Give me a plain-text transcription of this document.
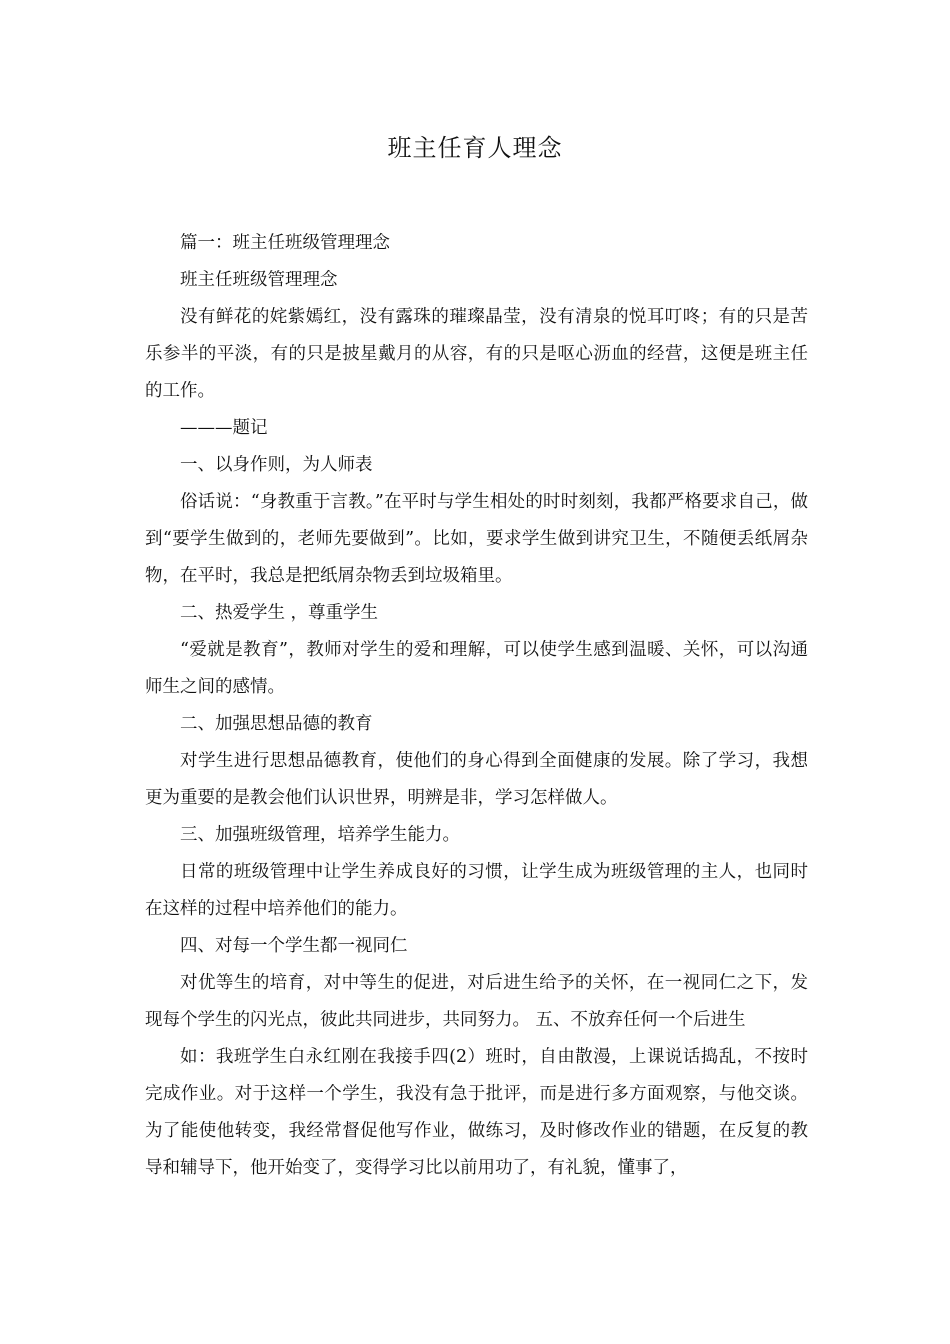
班主任育人理念

篇一：班主任班级管理理念

班主任班级管理理念

没有鲜花的姹紫嫣红，没有露珠的璀璨晶莹，没有清泉的悦耳叮咚；有的只是苦乐参半的平淡，有的只是披星戴月的从容，有的只是呕心沥血的经营，这便是班主任的工作。

———题记

一、以身作则，为人师表

俗话说：“身教重于言教。”在平时与学生相处的时时刻刻，我都严格要求自己，做到“要学生做到的，老师先要做到”。比如，要求学生做到讲究卫生，不随便丢纸屑杂物，在平时，我总是把纸屑杂物丢到垃圾箱里。

二、热爱学生 ，尊重学生

“爱就是教育”，教师对学生的爱和理解，可以使学生感到温暖、关怀，可以沟通师生之间的感情。

二、加强思想品德的教育

对学生进行思想品德教育，使他们的身心得到全面健康的发展。除了学习，我想更为重要的是教会他们认识世界，明辨是非，学习怎样做人。

三、加强班级管理，培养学生能力。

日常的班级管理中让学生养成良好的习惯，让学生成为班级管理的主人，也同时在这样的过程中培养他们的能力。

四、对每一个学生都一视同仁

对优等生的培育，对中等生的促进，对后进生给予的关怀，在一视同仁之下，发现每个学生的闪光点，彼此共同进步，共同努力。 五、不放弃任何一个后进生

如：我班学生白永红刚在我接手四(2）班时，自由散漫，上课说话捣乱，不按时完成作业。对于这样一个学生，我没有急于批评，而是进行多方面观察，与他交谈。为了能使他转变，我经常督促他写作业，做练习，及时修改作业的错题，在反复的教导和辅导下，他开始变了，变得学习比以前用功了，有礼貌，懂事了，
